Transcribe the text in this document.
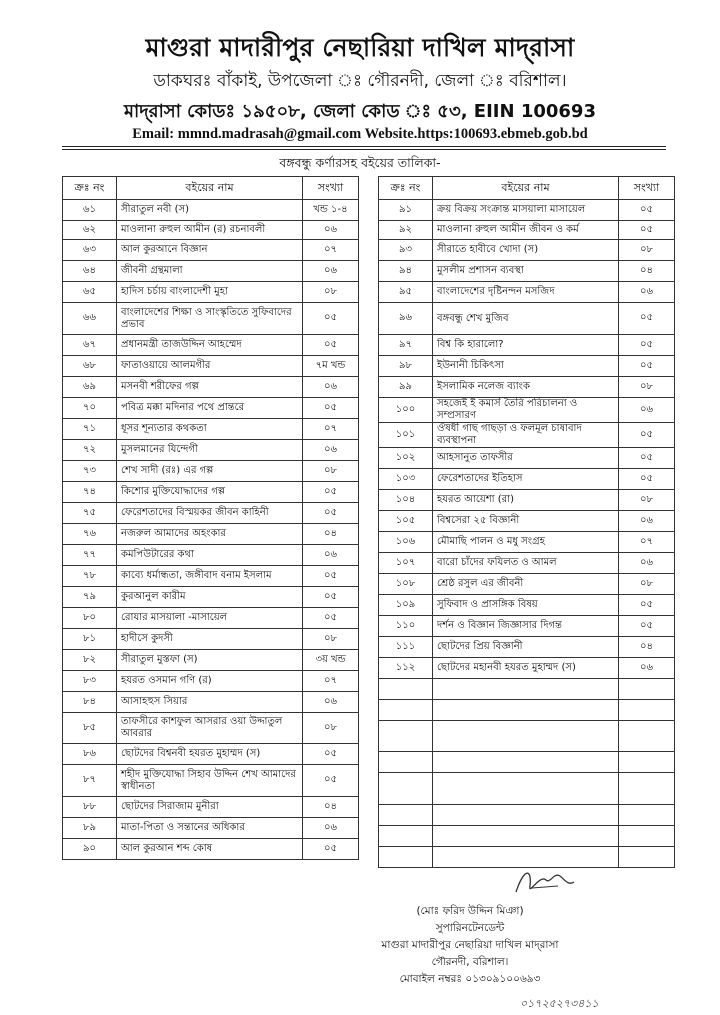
মাগুরা মাদারীপুর নেছারিয়া দাখিল মাদ্‌রাসা
ডাকঘরঃ বাঁকাই, উপজেলা ঃ গৌরনদী, জেলা ঃ বরিশাল।
মাদ্‌রাসা কোডঃ ১৯৫০৮, জেলা কোড ঃ ৫৩, EIIN 100693
Email: mmnd.madrasah@gmail.com Website.https:100693.ebmeb.gob.bd
বঙ্গবন্ধু কর্ণারসহ বইয়ের তালিকা-
ক্রঃ নং	বইয়ের নাম	সংখ্যা
৬১	সীরাতুল নবী (স)	খন্ড ১-৪
৬২	মাওলানা রুহুল আমীন (র) রচনাবলী	০৬
৬৩	আল কুরআনে বিজ্ঞান	০৭
৬৪	জীবনী গ্রন্থমালা	০৬
৬৫	হাদিস চর্চায় বাংলাদেশী মুহা	০৮
৬৬	বাংলাদেশের শিক্ষা ও সাংস্কৃতিতে সুফিবাদের প্রভাব	০৫
৬৭	প্রধানমন্ত্রী তাজউদ্দিন আহম্মেদ	০৫
৬৮	ফাতাওয়ায়ে আলমগীর	৭ম খন্ড
৬৯	মসনবী শরীফের গল্প	০৬
৭০	পবিত্র মক্কা মদিনার পথে প্রান্তরে	০৫
৭১	ধূসর শূন্যতার কথকতা	০৭
৭২	মুসলমানের যিন্দেগী	০৬
৭৩	শেখ সাদী (রঃ) এর গল্প	০৮
৭৪	কিশোর মুক্তিযোদ্ধাদের গল্প	০৫
৭৫	ফেরেশতাদের বিস্ময়কর জীবন কাহিনী	০৫
৭৬	নজরুল আমাদের অহংকার	০৪
৭৭	কমপিউটারের কথা	০৬
৭৮	কাব্যে ধর্মান্ধতা, জঙ্গীবাদ বনাম ইসলাম	০৫
৭৯	কুরআনুল কারীম	০৫
৮০	রোযার মাসয়ালা -মাসায়েল	০৫
৮১	হাদীসে কুদসী	০৮
৮২	সীরাতুল মুস্তফা (স)	৩য় খন্ড
৮৩	হযরত ওসমান গণি (র)	০৭
৮৪	আসাহহুস সিয়ার	০৬
৮৫	তাফসীরে কাশফুল আসরার ওয়া উদ্দাতুল আবরার	০৮
৮৬	ছোটদের বিশ্বনবী হযরত মুহাম্মদ (স)	০৫
৮৭	শহীদ মুক্তিযোদ্ধা সিহাব উদ্দিন শেখ আমাদের স্বাধীনতা	০৫
৮৮	ছোটদের সিরাজাম মুনীরা	০৪
৮৯	মাতা-পিতা ও সন্তানের অধিকার	০৬
৯০	আল কুরআন শব্দ কোষ	০৫
ক্রঃ নং	বইয়ের নাম	সংখ্যা
৯১	ক্রয় বিক্রয় সংক্রান্ত মাসয়ালা মাসায়েল	০৫
৯২	মাওলানা রুহুল আমীন জীবন ও কর্ম	০৫
৯৩	সীরাতে হাবীবে খোদা (স)	০৮
৯৪	মুসলীম প্রশাসন ব্যবস্থা	০৪
৯৫	বাংলাদেশের দৃষ্টিনন্দন মসজিদ	০৬
৯৬	বঙ্গবন্ধু শেখ মুজিব	০৫
৯৭	বিশ্ব কি হারালো?	০৫
৯৮	ইউনানী চিকিৎসা	০৫
৯৯	ইসলামিক নলেজ ব্যাংক	০৮
১০০	সহজেই ই কমার্স তৈরি পরিচালনা ও সম্প্রসারণ	০৬
১০১	ঔষধী গাছ গাছড়া ও ফলমূল চাষাবাদ ব্যবস্থাপনা	০৫
১০২	আহসানুত তাফসীর	০৫
১০৩	ফেরেশতাদের ইতিহাস	০৫
১০৪	হযরত আয়েশা (রা)	০৮
১০৫	বিশ্বসেরা ২৫ বিজ্ঞানী	০৬
১০৬	মৌমাছি পালন ও মধু সংগ্রহ	০৭
১০৭	বারো চাঁদের ফযিলত ও আমল	০৬
১০৮	শ্রেষ্ঠ রসুল এর জীবনী	০৮
১০৯	সুফিবাদ ও প্রাসঙ্গিক বিষয়	০৫
১১০	দর্শন ও বিজ্ঞান জিজ্ঞাসার দিগন্ত	০৫
১১১	ছোটদের প্রিয় বিজ্ঞানী	০৪
১১২	ছোটদের মহানবী হযরত মুহাম্মদ (স)	০৬

(মোঃ ফরিদ উদ্দিন মিঞা)
সুপারিনটেনডেন্ট
মাগুরা মাদারীপুর নেছারিয়া দাখিল মাদ্‌রাসা
গৌরনদী, বরিশাল।
মোবাইল নম্বরঃ ০১৩০৯১০০৬৯৩
০১৭২৫২৭৩৪১১
